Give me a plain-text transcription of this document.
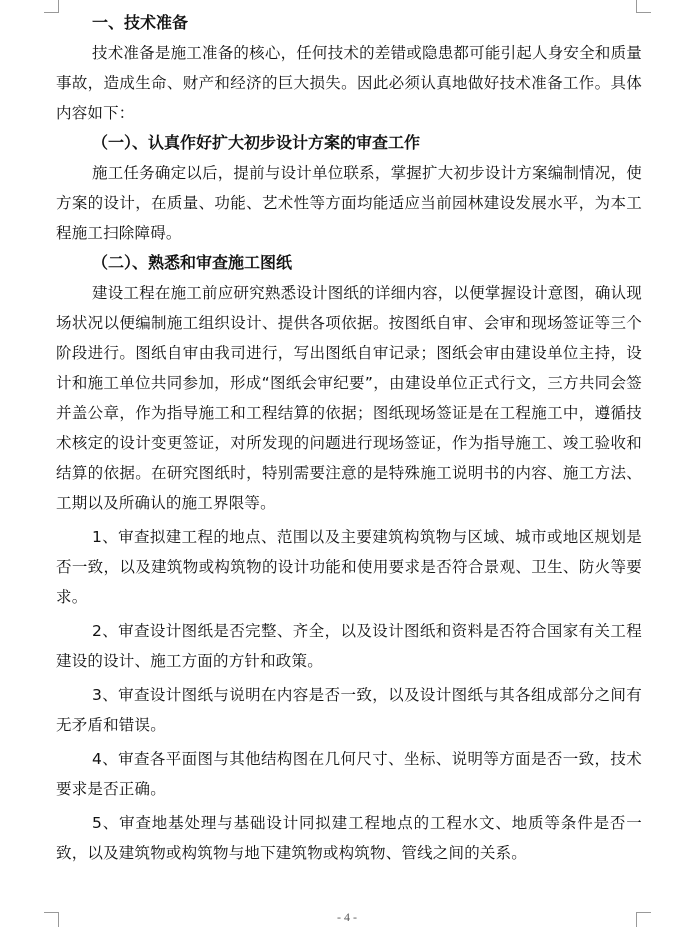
一、技术准备
技术准备是施工准备的核心，任何技术的差错或隐患都可能引起人身安全和质量事故，造成生命、财产和经济的巨大损失。因此必须认真地做好技术准备工作。具体内容如下：
（一）、认真作好扩大初步设计方案的审查工作
施工任务确定以后，提前与设计单位联系，掌握扩大初步设计方案编制情况，使方案的设计，在质量、功能、艺术性等方面均能适应当前园林建设发展水平，为本工程施工扫除障碍。
（二）、熟悉和审查施工图纸
建设工程在施工前应研究熟悉设计图纸的详细内容，以便掌握设计意图，确认现场状况以便编制施工组织设计、提供各项依据。按图纸自审、会审和现场签证等三个阶段进行。图纸自审由我司进行，写出图纸自审记录；图纸会审由建设单位主持，设计和施工单位共同参加，形成“图纸会审纪要”，由建设单位正式行文，三方共同会签并盖公章，作为指导施工和工程结算的依据；图纸现场签证是在工程施工中，遵循技术核定的设计变更签证，对所发现的问题进行现场签证，作为指导施工、竣工验收和结算的依据。在研究图纸时，特别需要注意的是特殊施工说明书的内容、施工方法、工期以及所确认的施工界限等。
1、审查拟建工程的地点、范围以及主要建筑构筑物与区域、城市或地区规划是否一致，以及建筑物或构筑物的设计功能和使用要求是否符合景观、卫生、防火等要求。
2、审查设计图纸是否完整、齐全，以及设计图纸和资料是否符合国家有关工程建设的设计、施工方面的方针和政策。
3、审查设计图纸与说明在内容是否一致，以及设计图纸与其各组成部分之间有无矛盾和错误。
4、审查各平面图与其他结构图在几何尺寸、坐标、说明等方面是否一致，技术要求是否正确。
5、审查地基处理与基础设计同拟建工程地点的工程水文、地质等条件是否一致，以及建筑物或构筑物与地下建筑物或构筑物、管线之间的关系。
- 4 -
